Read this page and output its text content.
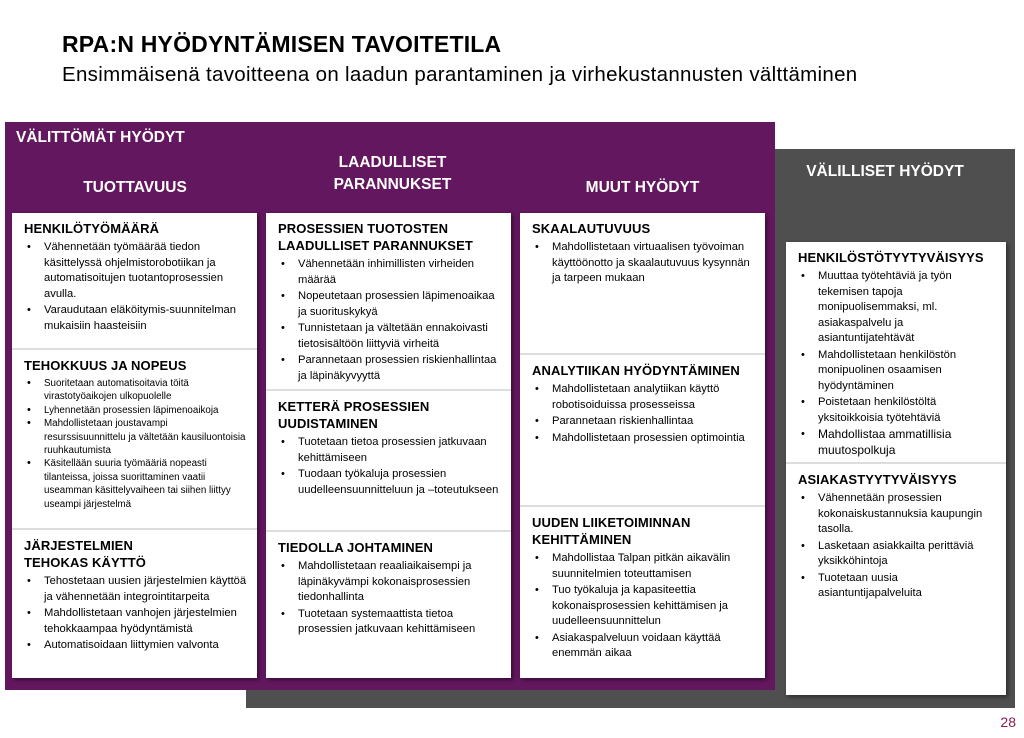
RPA:N HYÖDYNTÄMISEN TAVOITETILA
Ensimmäisenä tavoitteena on laadun parantaminen ja virhekustannusten välttäminen
VÄLITTÖMÄT HYÖDYT
VÄLILLISET HYÖDYT
TUOTTAVUUS
LAADULLISET PARANNUKSET	MUUT HYÖDYT
HENKILÖTYÖMÄÄRÄ
• Vähennetään työmäärää tiedon käsittelyssä ohjelmistorobotiikan ja automatisoitujen tuotantoprosessien avulla.
• Varaudutaan eläköitymis-suunnitelman mukaisiin haasteisiin
TEHOKKUUS JA NOPEUS
• Suoritetaan automatisoitavia töitä virastotyöaikojen ulkopuolelle
• Lyhennetään prosessien läpimenoaikoja
• Mahdollistetaan joustavampi resurssisuunnittelu ja vältetään kausiluontoisia ruuhkautumista
• Käsitellään suuria työmääriä nopeasti tilanteissa, joissa suorittaminen vaatii useamman käsittelyvaiheen tai siihen liittyy useampi järjestelmä
JÄRJESTELMIEN TEHOKAS KÄYTTÖ
• Tehostetaan uusien järjestelmien käyttöä ja vähennetään integrointitarpeita
• Mahdollistetaan vanhojen järjestelmien tehokkaampaa hyödyntämistä
• Automatisoidaan liittymien valvonta
PROSESSIEN TUOTOSTEN LAADULLISET PARANNUKSET
• Vähennetään inhimillisten virheiden määrää
• Nopeutetaan prosessien läpimenoaikaa ja suorituskykyä
• Tunnistetaan ja vältetään ennakoivasti tietosisältöön liittyviä virheitä
• Parannetaan prosessien riskienhallintaa ja läpinäkyvyyttä
KETTERÄ PROSESSIEN UUDISTAMINEN
• Tuotetaan tietoa prosessien jatkuvaan kehittämiseen
• Tuodaan työkaluja prosessien uudelleensuunnitteluun ja –toteutukseen
TIEDOLLA JOHTAMINEN
• Mahdollistetaan reaaliaikaisempi ja läpinäkyvämpi kokonaisprosessien tiedonhallinta
• Tuotetaan systemaattista tietoa prosessien jatkuvaan kehittämiseen
SKAALAUTUVUUS
• Mahdollistetaan virtuaalisen työvoiman käyttöönotto ja skaalautuvuus kysynnän ja tarpeen mukaan
ANALYTIIKAN HYÖDYNTÄMINEN
• Mahdollistetaan analytiikan käyttö robotisoiduissa prosesseissa
• Parannetaan riskienhallintaa
• Mahdollistetaan prosessien optimointia
UUDEN LIIKETOIMINNAN KEHITTÄMINEN
• Mahdollistaa Talpan pitkän aikavälin suunnitelmien toteuttamisen
• Tuo työkaluja ja kapasiteettia kokonaisprosessien kehittämisen ja uudelleensuunnittelun
• Asiakaspalveluun voidaan käyttää enemmän aikaa
HENKILÖSTÖTYYTYVÄISYYS
• Muuttaa työtehtäviä ja työn tekemisen tapoja monipuolisemmaksi, ml. asiakaspalvelu ja asiantuntijatehtävät
• Mahdollistetaan henkilöstön monipuolinen osaamisen hyödyntäminen
• Poistetaan henkilöstöltä yksitoikkoisia työtehtäviä
• Mahdollistaa ammatillisia muutospolkuja
ASIAKASTYYTYVÄISYYS
• Vähennetään prosessien kokonaiskustannuksia kaupungin tasolla.
• Lasketaan asiakkailta perittäviä yksikköhintoja
• Tuotetaan uusia asiantuntijapalveluita
28
